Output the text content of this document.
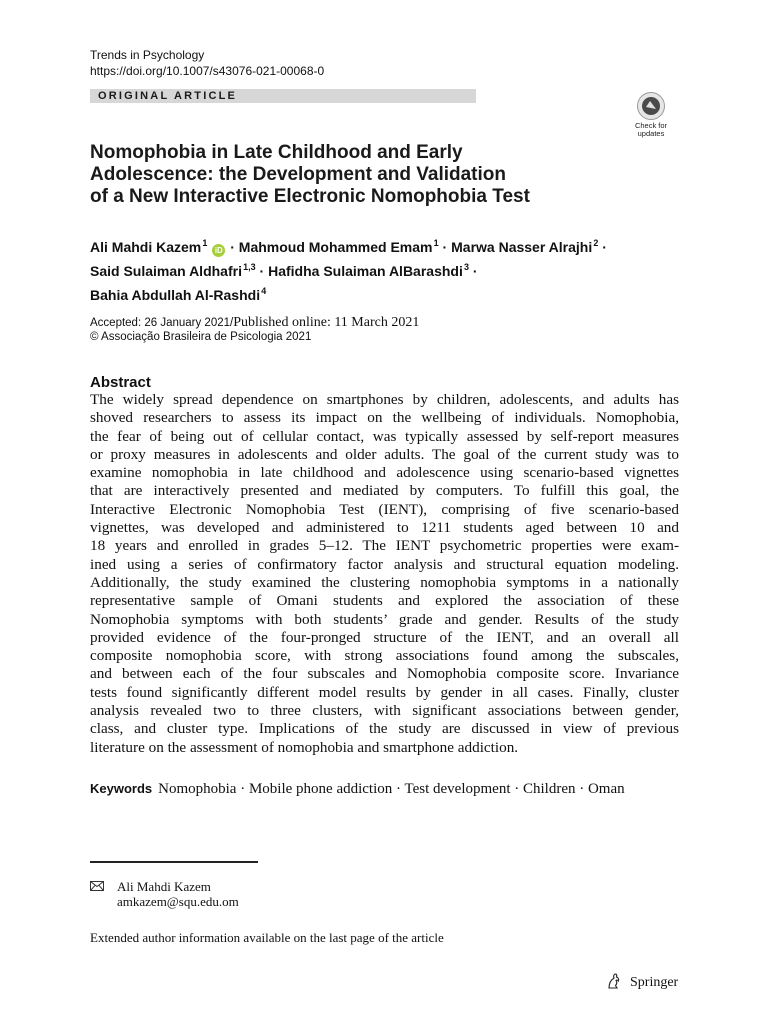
Trends in Psychology
https://doi.org/10.1007/s43076-021-00068-0
ORIGINAL ARTICLE
Check for updates
Nomophobia in Late Childhood and Early
Adolescence: the Development and Validation
of a New Interactive Electronic Nomophobia Test
Ali Mahdi Kazem $^1$ iD · Mahmoud Mohammed Emam $^1$ · Marwa Nasser Alrajhi $^2$ ·
Said Sulaiman Aldhafri $^{1,3}$ · Hafidha Sulaiman AlBarashdi $^3$ ·
Bahia Abdullah Al-Rashdi $^4$
Accepted: 26 January 2021/Published online: 11 March 2021
© Associação Brasileira de Psicologia 2021
Abstract
The widely spread dependence on smartphones by children, adolescents, and adults has
shoved researchers to assess its impact on the wellbeing of individuals. Nomophobia,
the fear of being out of cellular contact, was typically assessed by self-report measures
or proxy measures in adolescents and older adults. The goal of the current study was to
examine nomophobia in late childhood and adolescence using scenario-based vignettes
that are interactively presented and mediated by computers. To fulfill this goal, the
Interactive Electronic Nomophobia Test (IENT), comprising of five scenario-based
vignettes, was developed and administered to 1211 students aged between 10 and
18 years and enrolled in grades 5–12. The IENT psychometric properties were exam-
ined using a series of confirmatory factor analysis and structural equation modeling.
Additionally, the study examined the clustering nomophobia symptoms in a nationally
representative sample of Omani students and explored the association of these
Nomophobia symptoms with both students’ grade and gender. Results of the study
provided evidence of the four-pronged structure of the IENT, and an overall all
composite nomophobia score, with strong associations found among the subscales,
and between each of the four subscales and Nomophobia composite score. Invariance
tests found significantly different model results by gender in all cases. Finally, cluster
analysis revealed two to three clusters, with significant associations between gender,
class, and cluster type. Implications of the study are discussed in view of previous
literature on the assessment of nomophobia and smartphone addiction.
Keywords Nomophobia · Mobile phone addiction · Test development · Children · Oman
Ali Mahdi Kazem
amkazem@squ.edu.om
Extended author information available on the last page of the article
Springer
